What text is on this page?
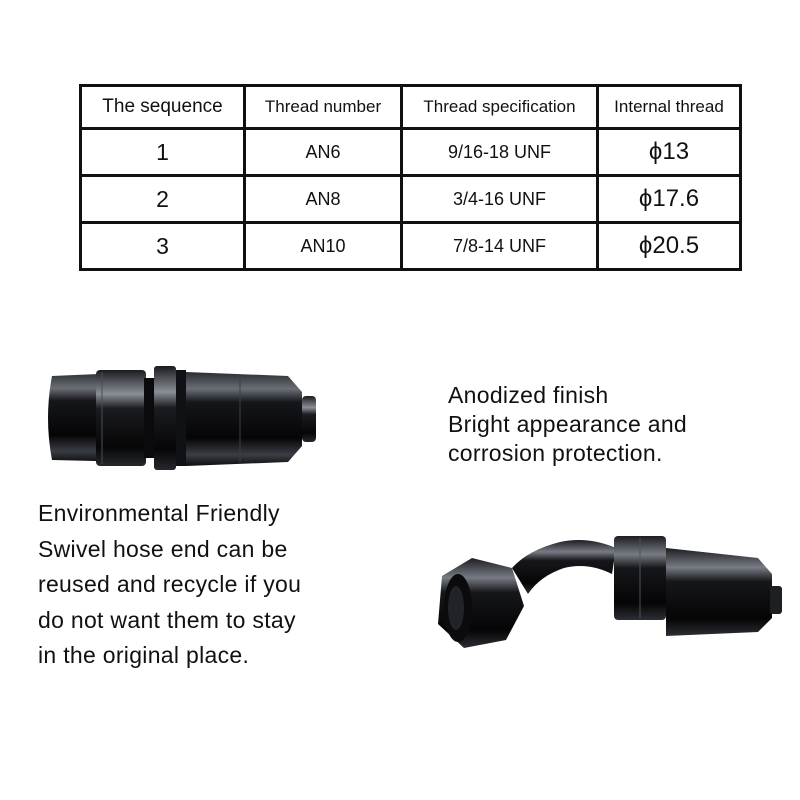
The sequence	Thread number	Thread specification	Internal thread
1	AN6	9/16-18 UNF	ϕ13
2	AN8	3/4-16 UNF	ϕ17.6
3	AN10	7/8-14 UNF	ϕ20.5
Anodized finish
Bright appearance and
corrosion protection.
Environmental Friendly
Swivel hose end can be
reused and recycle if you
do not want them to stay
in the original place.
